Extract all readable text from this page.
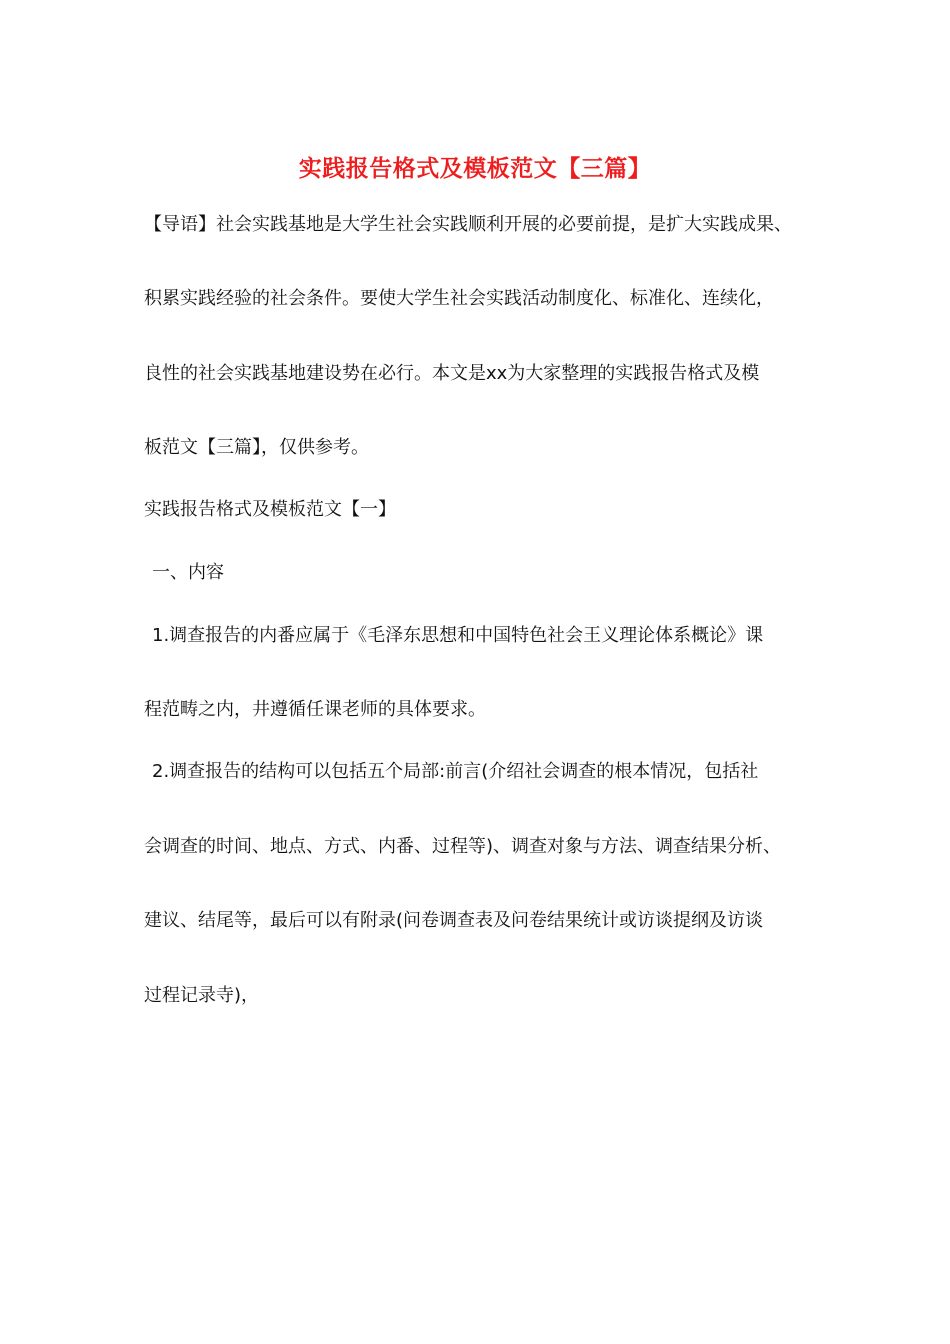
实践报告格式及模板范文【三篇】
【导语】社会实践基地是大学生社会实践顺利开展的必要前提，是扩大实践成果、
积累实践经验的社会条件。要使大学生社会实践活动制度化、标准化、连续化，
良性的社会实践基地建设势在必行。本文是xx为大家整理的实践报告格式及模
板范文【三篇】，仅供参考。
实践报告格式及模板范文【一】
一、内容
1.调查报告的内番应属于《毛泽东思想和中国特色社会王义理论体系概论》课
程范畴之内，井遵循任课老师的具体要求。
2.调查报告的结构可以包括五个局部:前言(介绍社会调查的根本情况，包括社
会调查的时间、地点、方式、内番、过程等)、调查对象与方法、调查结果分析、
建议、结尾等，最后可以有附录(问卷调查表及问卷结果统计或访谈提纲及访谈
过程记录寺)，
